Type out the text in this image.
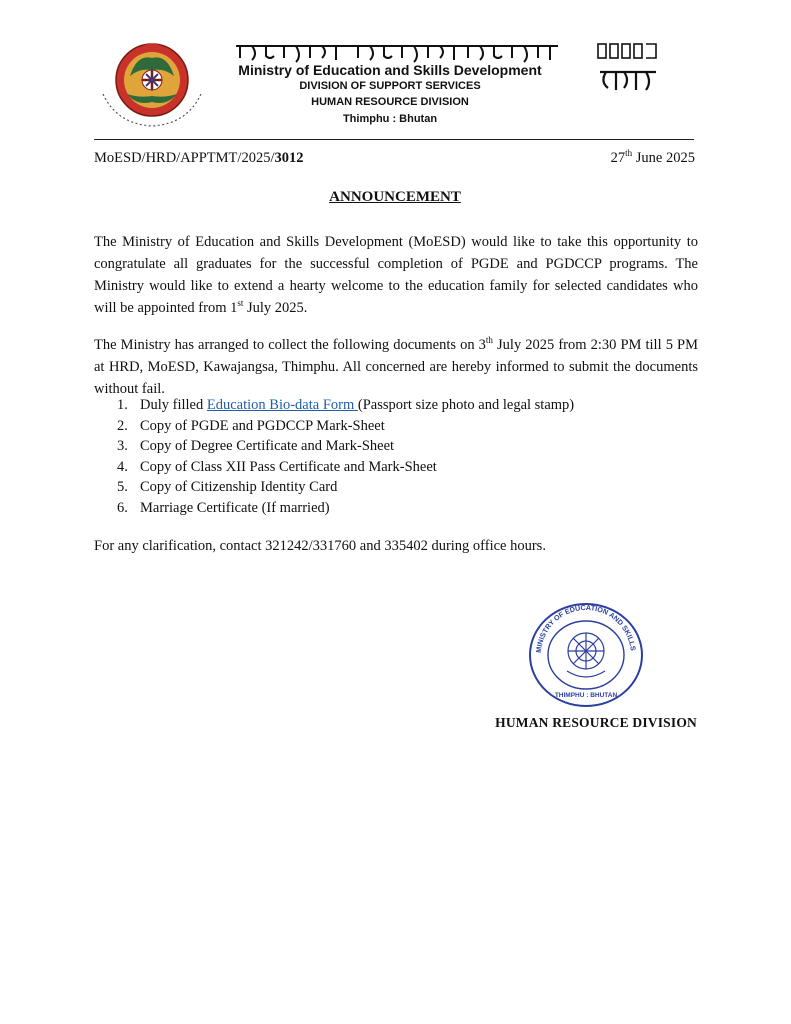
དཔལ་ལྡན་འབྲུག་གཞུང་། ཤེས་རིག་དང་རིག་རྩལ་གོང་འཕེལ་ལྷན་ཁག
Ministry of Education and Skills Development
DIVISION OF SUPPORT SERVICES
HUMAN RESOURCE DIVISION
Thimphu : Bhutan
MoESD/HRD/APPTMT/2025/3012	27th June 2025
ANNOUNCEMENT
The Ministry of Education and Skills Development (MoESD) would like to take this opportunity to congratulate all graduates for the successful completion of PGDE and PGDCCP programs. The Ministry would like to extend a hearty welcome to the education family for selected candidates who will be appointed from 1st July 2025.
The Ministry has arranged to collect the following documents on 3th July 2025 from 2:30 PM till 5 PM at HRD, MoESD, Kawajangsa, Thimphu. All concerned are hereby informed to submit the documents without fail.
Duly filled Education Bio-data Form (Passport size photo and legal stamp)
Copy of PGDE and PGDCCP Mark-Sheet
Copy of Degree Certificate and Mark-Sheet
Copy of Class XII Pass Certificate and Mark-Sheet
Copy of Citizenship Identity Card
Marriage Certificate (If married)
For any clarification, contact 321242/331760 and 335402 during office hours.
MINISTRY OF EDUCATION AND SKILLS
THIMPHU : BHUTAN
HUMAN RESOURCE DIVISION
